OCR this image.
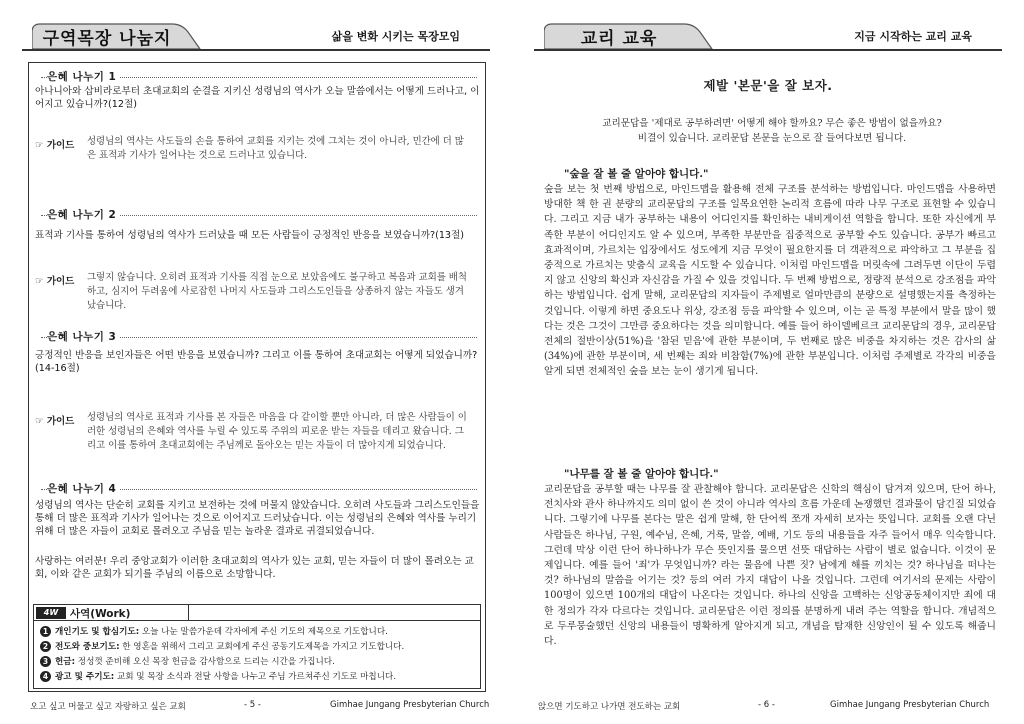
구역목장 나눔지	삶을 변화 시키는 목장모임
은혜 나누기 1
아나니아와 삽비라로부터 초대교회의 순결을 지키신 성령님의 역사가 오늘 말씀에서는 어떻게 드러나고, 이어지고 있습니까?(12절)
☞ 가이드 성령님의 역사는 사도들의 손을 통하여 교회를 지키는 것에 그치는 것이 아니라, 민간에 더 많은 표적과 기사가 일어나는 것으로 드러나고 있습니다.
은혜 나누기 2
표적과 기사를 통하여 성령님의 역사가 드러났을 때 모든 사람들이 긍정적인 반응을 보였습니까?(13절)
☞ 가이드 그렇지 않습니다. 오히려 표적과 기사를 직접 눈으로 보았음에도 불구하고 복음과 교회를 배척하고, 심지어 두려움에 사로잡힌 나머지 사도들과 그리스도인들을 상종하지 않는 자들도 생겨났습니다.
은혜 나누기 3
긍정적인 반응을 보인자들은 어떤 반응을 보였습니까? 그리고 이를 통하여 초대교회는 어떻게 되었습니까?(14-16절)
☞ 가이드 성령님의 역사로 표적과 기사를 본 자들은 마음을 다 같이할 뿐만 아니라, 더 많은 사람들이 이러한 성령님의 은혜와 역사를 누릴 수 있도록 주위의 피로운 받는 자들을 데리고 왔습니다. 그리고 이를 통하여 초대교회에는 주님께로 돌아오는 믿는 자들이 더 많아지게 되었습니다.
은혜 나누기 4
성령님의 역사는 단순히 교회를 지키고 보전하는 것에 머물지 않았습니다. 오히려 사도들과 그리스도인들을 통해 더 많은 표적과 기사가 일어나는 것으로 이어지고 드러났습니다. 이는 성령님의 은혜와 역사를 누리기 위해 더 많은 자들이 교회로 몰려오고 주님을 믿는 놀라운 결과로 귀결되었습니다.
사랑하는 여러분! 우리 중앙교회가 이러한 초대교회의 역사가 있는 교회, 믿는 자들이 더 많이 몰려오는 교회, 이와 같은 교회가 되기를 주님의 이름으로 소망합니다.
4W	사역(Work)
1 개인기도 및 합심기도: 오늘 나눈 말씀가운데 각자에게 주신 기도의 제목으로 기도합니다.
2 전도와 중보기도: 한 영혼을 위해서 그리고 교회에게 주신 공동기도제목을 가지고 기도합니다.
3 헌금: 정성껏 준비해 오신 목장 헌금을 감사함으로 드리는 시간을 가집니다.
4 광고 및 주기도: 교회 및 목장 소식과 전달 사항을 나누고 주님 가르쳐주신 기도로 마칩니다.
오고 싶고 머물고 싶고 자랑하고 싶은 교회	- 5 -	Gimhae Jungang Presbyterian Church
교리 교육	지금 시작하는 교리 교육
제발 '본문'을 잘 보자.
교리문답을 '제대로 공부하려면' 어떻게 해야 할까요? 무슨 좋은 방법이 없을까요?
비결이 있습니다. 교리문답 본문을 눈으로 잘 들여다보면 됩니다.
"숲을 잘 볼 줄 알아야 합니다."
숲을 보는 첫 번째 방법으로, 마인드맵을 활용해 전체 구조를 분석하는 방법입니다. 마인드맵을 사용하면 방대한 책 한 권 분량의 교리문답의 구조를 일목요연한 논리적 흐름에 따라 나무 구조로 표현할 수 있습니다. 그리고 지금 내가 공부하는 내용이 어디인지를 확인하는 내비게이션 역할을 합니다. 또한 자신에게 부족한 부분이 어디인지도 알 수 있으며, 부족한 부분만을 집중적으로 공부할 수도 있습니다. 공부가 빠르고 효과적이며, 가르치는 입장에서도 성도에게 지금 무엇이 필요한지를 더 객관적으로 파악하고 그 부분을 집중적으로 가르치는 맞춤식 교육을 시도할 수 있습니다. 이처럼 마인드맵을 머릿속에 그려두면 이단이 두렵지 않고 신앙의 확신과 자신감을 가질 수 있을 것입니다. 두 번째 방법으로, 정량적 분석으로 강조점을 파악하는 방법입니다. 쉽게 말해, 교리문답의 지자들이 주제별로 얼마만큼의 분량으로 설명했는지를 측정하는 것입니다. 이렇게 하면 중요도나 위상, 강조점 등을 파악할 수 있으며, 이는 곧 특정 부분에서 말을 많이 했다는 것은 그것이 그만큼 중요하다는 것을 의미합니다. 예를 들어 하이델베르크 교리문답의 경우, 교리문답 전체의 절반이상(51%)을 '참된 믿음'에 관한 부분이며, 두 번째로 많은 비중을 차지하는 것은 감사의 삶(34%)에 관한 부분이며, 세 번째는 죄와 비참함(7%)에 관한 부분입니다. 이처럼 주제별로 각각의 비중을 알게 되면 전체적인 숲을 보는 눈이 생기게 됩니다.
"나무를 잘 볼 줄 알아야 합니다."
교리문답을 공부할 때는 나무를 잘 관찰해야 합니다. 교리문답은 신학의 핵심이 담겨져 있으며, 단어 하나, 전치사와 관사 하나까지도 의미 없이 쓴 것이 아니라 역사의 흐름 가운데 논쟁했던 결과물이 담긴질 되었습니다. 그렇기에 나무를 본다는 말은 쉽게 말해, 한 단어씩 쪼개 자세히 보자는 뜻입니다. 교회를 오랜 다닌 사람들은 하나님, 구원, 예수님, 은혜, 거룩, 말씀, 예배, 기도 등의 내용들을 자주 들어서 매우 익숙합니다. 그런데 막상 이런 단어 하나하나가 무슨 뜻인지를 물으면 선뜻 대답하는 사람이 별로 없습니다. 이것이 문제입니다. 예를 들어 '죄'가 무엇입니까? 라는 물음에 나쁜 짓? 남에게 해를 끼치는 것? 하나님을 떠나는 것? 하나님의 말씀을 어기는 것? 등의 여러 가지 대답이 나올 것입니다. 그런데 여기서의 문제는 사람이 100명이 있으면 100개의 대답이 나온다는 것입니다. 하나의 신앙을 고백하는 신앙공동체이지만 죄에 대한 정의가 각자 다르다는 것입니다. 교리문답은 이런 정의를 분명하게 내려 주는 역할을 합니다. 개념적으로 두루뭉술했던 신앙의 내용들이 명확하게 알아지게 되고, 개념을 탐재한 신앙인이 될 수 있도록 해줍니다.
앉으면 기도하고 나가면 전도하는 교회	- 6 -	Gimhae Jungang Presbyterian Church
